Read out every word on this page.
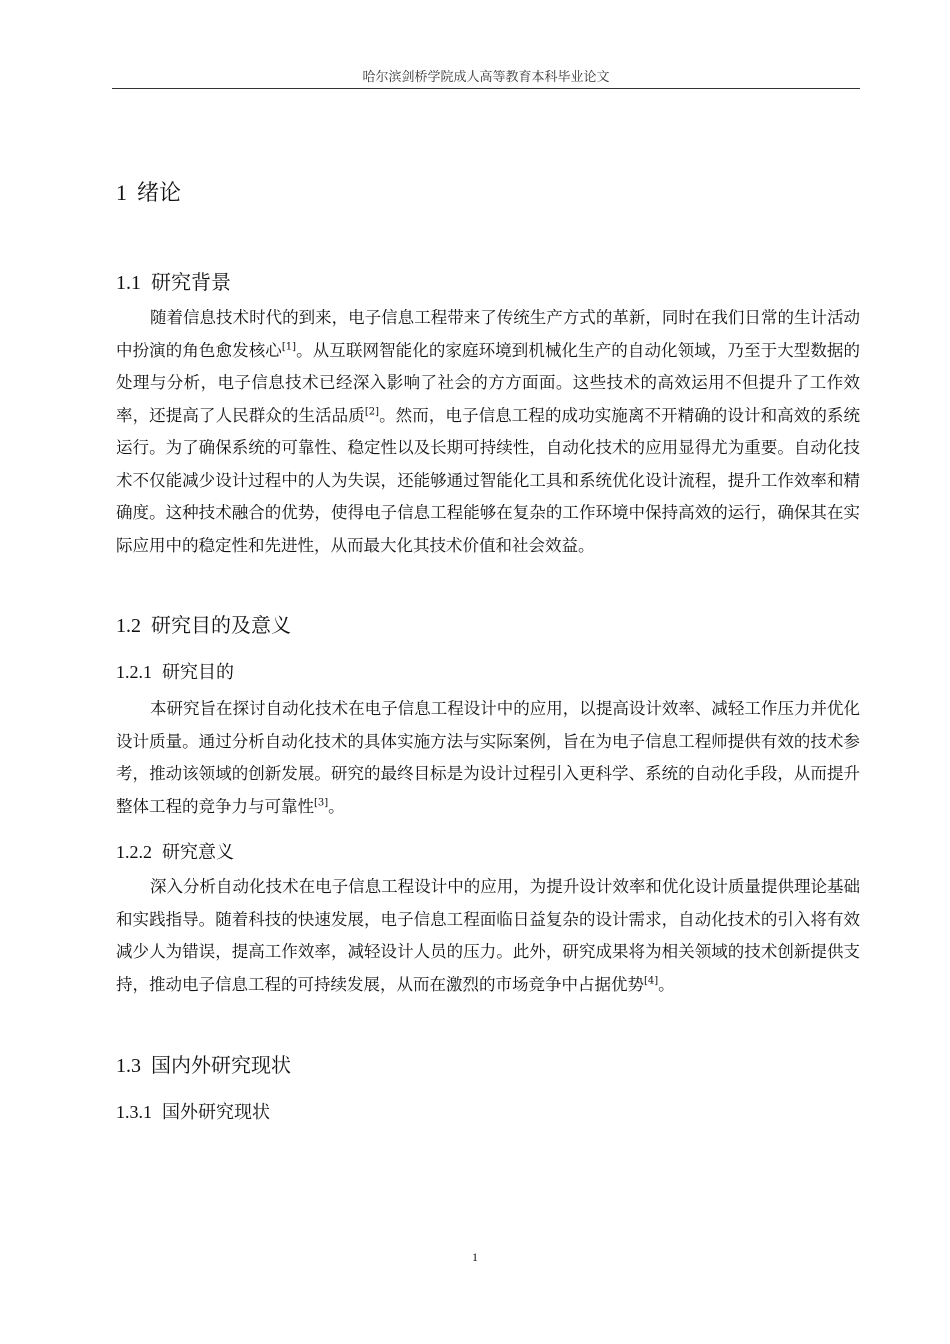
哈尔滨剑桥学院成人高等教育本科毕业论文
1 绪论
1.1 研究背景

随着信息技术时代的到来，电子信息工程带来了传统生产方式的革新，同时在我们日常的生计活动中扮演的角色愈发核心[1]。从互联网智能化的家庭环境到机械化生产的自动化领域，乃至于大型数据的处理与分析，电子信息技术已经深入影响了社会的方方面面。这些技术的高效运用不但提升了工作效率，还提高了人民群众的生活品质[2]。然而，电子信息工程的成功实施离不开精确的设计和高效的系统运行。为了确保系统的可靠性、稳定性以及长期可持续性，自动化技术的应用显得尤为重要。自动化技术不仅能减少设计过程中的人为失误，还能够通过智能化工具和系统优化设计流程，提升工作效率和精确度。这种技术融合的优势，使得电子信息工程能够在复杂的工作环境中保持高效的运行，确保其在实际应用中的稳定性和先进性，从而最大化其技术价值和社会效益。

1.2 研究目的及意义
1.2.1 研究目的

本研究旨在探讨自动化技术在电子信息工程设计中的应用，以提高设计效率、减轻工作压力并优化设计质量。通过分析自动化技术的具体实施方法与实际案例，旨在为电子信息工程师提供有效的技术参考，推动该领域的创新发展。研究的最终目标是为设计过程引入更科学、系统的自动化手段，从而提升整体工程的竞争力与可靠性[3]。

1.2.2 研究意义

深入分析自动化技术在电子信息工程设计中的应用，为提升设计效率和优化设计质量提供理论基础和实践指导。随着科技的快速发展，电子信息工程面临日益复杂的设计需求，自动化技术的引入将有效减少人为错误，提高工作效率，减轻设计人员的压力。此外，研究成果将为相关领域的技术创新提供支持，推动电子信息工程的可持续发展，从而在激烈的市场竞争中占据优势[4]。

1.3 国内外研究现状
1.3.1 国外研究现状
1
